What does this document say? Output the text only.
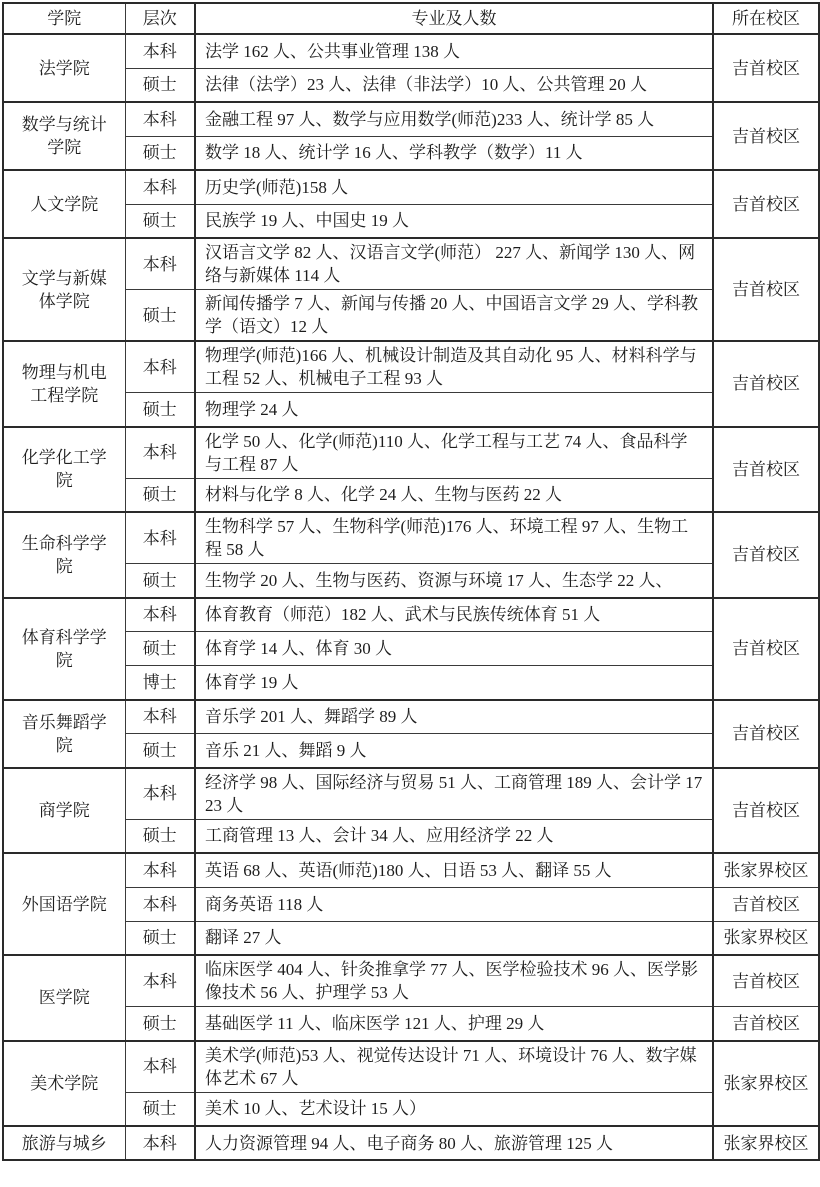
学院	层次	专业及人数	所在校区
法学院	本科	法学 162 人、公共事业管理 138 人	吉首校区
	硕士	法律（法学）23 人、法律（非法学）10 人、公共管理 20 人	
数学与统计学院	本科	金融工程 97 人、数学与应用数学(师范)233 人、统计学 85 人	吉首校区
	硕士	数学 18 人、统计学 16 人、学科教学（数学）11 人	
人文学院	本科	历史学(师范)158 人	吉首校区
	硕士	民族学 19 人、中国史 19 人	
文学与新媒体学院	本科	汉语言文学 82 人、汉语言文学(师范） 227 人、新闻学 130 人、网络与新媒体 114 人	吉首校区
	硕士	新闻传播学 7 人、新闻与传播 20 人、中国语言文学 29 人、学科教学（语文）12 人	
物理与机电工程学院	本科	物理学(师范)166 人、机械设计制造及其自动化 95 人、材料科学与工程 52 人、机械电子工程 93 人	吉首校区
	硕士	物理学 24 人	
化学化工学院	本科	化学 50 人、化学(师范)110 人、化学工程与工艺 74 人、食品科学与工程 87 人	吉首校区
	硕士	材料与化学 8 人、化学 24 人、生物与医药 22 人	
生命科学学院	本科	生物科学 57 人、生物科学(师范)176 人、环境工程 97 人、生物工程 58 人	吉首校区
	硕士	生物学 20 人、生物与医药、资源与环境 17 人、生态学 22 人、	
体育科学学院	本科	体育教育（师范）182 人、武术与民族传统体育 51 人	吉首校区
	硕士	体育学 14 人、体育 30 人	
	博士	体育学 19 人	
音乐舞蹈学院	本科	音乐学 201 人、舞蹈学 89 人	吉首校区
	硕士	音乐 21 人、舞蹈 9 人	
商学院	本科	经济学 98 人、国际经济与贸易 51 人、工商管理 189 人、会计学 1723 人	吉首校区
	硕士	工商管理 13 人、会计 34 人、应用经济学 22 人	
外国语学院	本科	英语 68 人、英语(师范)180 人、日语 53 人、翻译 55 人	张家界校区
	本科	商务英语 118 人	吉首校区
	硕士	翻译 27 人	张家界校区
医学院	本科	临床医学 404 人、针灸推拿学 77 人、医学检验技术 96 人、医学影像技术 56 人、护理学 53 人	吉首校区
	硕士	基础医学 11 人、临床医学 121 人、护理 29 人	吉首校区
美术学院	本科	美术学(师范)53 人、视觉传达设计 71 人、环境设计 76 人、数字媒体艺术 67 人	张家界校区
	硕士	美术 10 人、艺术设计 15 人）	
旅游与城乡	本科	人力资源管理 94 人、电子商务 80 人、旅游管理 125 人	张家界校区
